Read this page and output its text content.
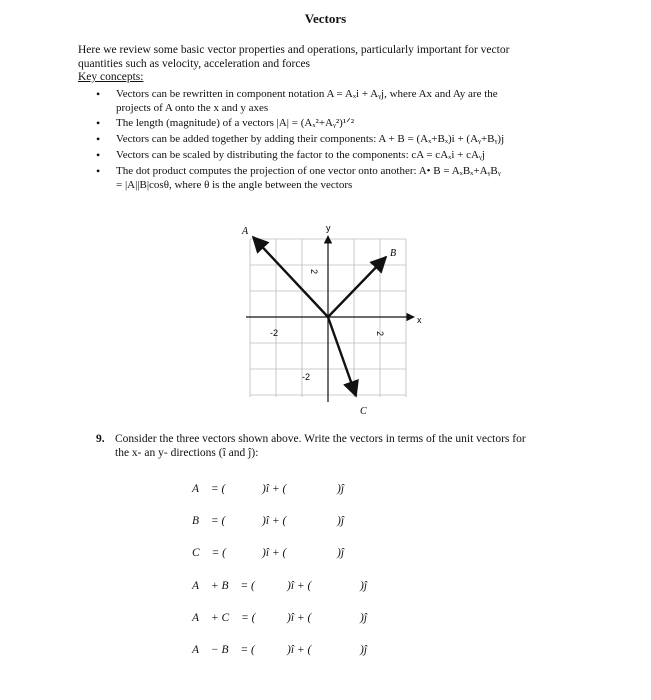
Vectors
Here we review some basic vector properties and operations, particularly important for vector
quantities such as velocity, acceleration and forces
Key concepts:
• Vectors can be rewritten in component notation A = Aₓi + Aᵧj, where Ax and Ay are the
projects of A onto the x and y axes
• The length (magnitude) of a vectors |A| = (Aₓ²+Aᵧ²)¹ᐟ²
• Vectors can be added together by adding their components: A + B = (Aₓ+Bₓ)i + (Aᵧ+Bᵧ)j
• Vectors can be scaled by distributing the factor to the components: cA = cAₓi + cAᵧj
• The dot product computes the projection of one vector onto another: A• B = AₓBₓ+AᵧBᵧ
= |A||B|cosθ, where θ is the angle between the vectors
x
y
-2
2
-2
2
A⃗
B⃗
C⃗
9. Consider the three vectors shown above. Write the vectors in terms of the unit vectors for
the x- an y- directions (î and ĵ):
A⃗ = (	)î + (	)ĵ
B⃗ = (	)î + (	)ĵ
C⃗ = (	)î + (	)ĵ
A⃗ + B⃗ = (	)î + (	)ĵ
A⃗ + C⃗ = (	)î + (	)ĵ
A⃗ − B⃗ = (	)î + (	)ĵ
